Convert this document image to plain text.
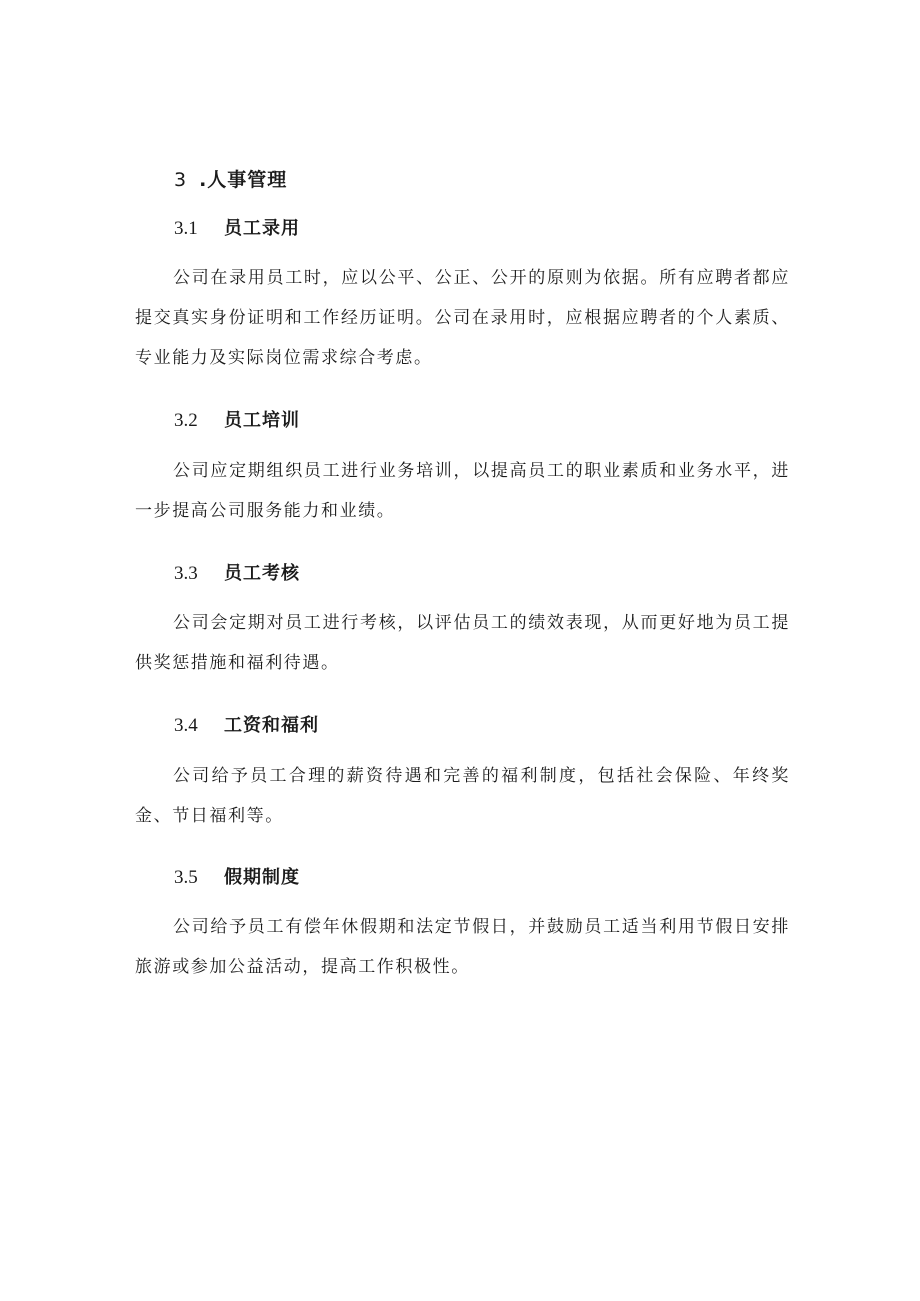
3 .人事管理
3.1 员工录用

公司在录用员工时，应以公平、公正、公开的原则为依据。所有应聘者都应提交真实身份证明和工作经历证明。公司在录用时，应根据应聘者的个人素质、专业能力及实际岗位需求综合考虑。

3.2 员工培训

公司应定期组织员工进行业务培训，以提高员工的职业素质和业务水平，进一步提高公司服务能力和业绩。

3.3 员工考核

公司会定期对员工进行考核，以评估员工的绩效表现，从而更好地为员工提供奖惩措施和福利待遇。

3.4 工资和福利

公司给予员工合理的薪资待遇和完善的福利制度，包括社会保险、年终奖金、节日福利等。

3.5 假期制度

公司给予员工有偿年休假期和法定节假日，并鼓励员工适当利用节假日安排旅游或参加公益活动，提高工作积极性。
